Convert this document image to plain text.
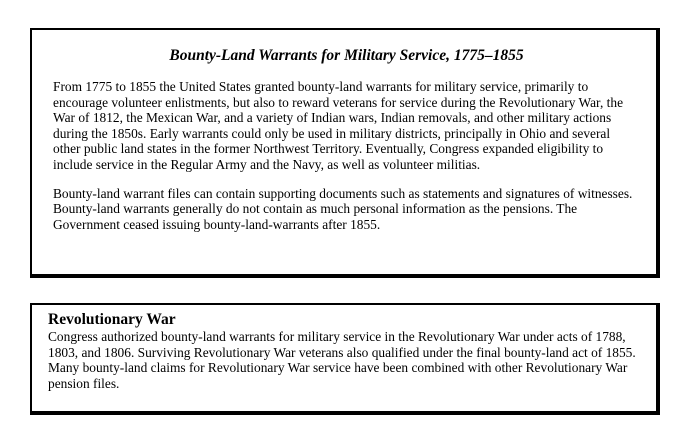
Bounty-Land Warrants for Military Service, 1775–1855

From 1775 to 1855 the United States granted bounty-land warrants for military service, primarily to encourage volunteer enlistments, but also to reward veterans for service during the Revolutionary War, the War of 1812, the Mexican War, and a variety of Indian wars, Indian removals, and other military actions during the 1850s. Early warrants could only be used in military districts, principally in Ohio and several other public land states in the former Northwest Territory. Eventually, Congress expanded eligibility to include service in the Regular Army and the Navy, as well as volunteer militias.

Bounty-land warrant files can contain supporting documents such as statements and signatures of witnesses. Bounty-land warrants generally do not contain as much personal information as the pensions. The Government ceased issuing bounty-land-warrants after 1855.

Revolutionary War

Congress authorized bounty-land warrants for military service in the Revolutionary War under acts of 1788, 1803, and 1806. Surviving Revolutionary War veterans also qualified under the final bounty-land act of 1855. Many bounty-land claims for Revolutionary War service have been combined with other Revolutionary War pension files.
